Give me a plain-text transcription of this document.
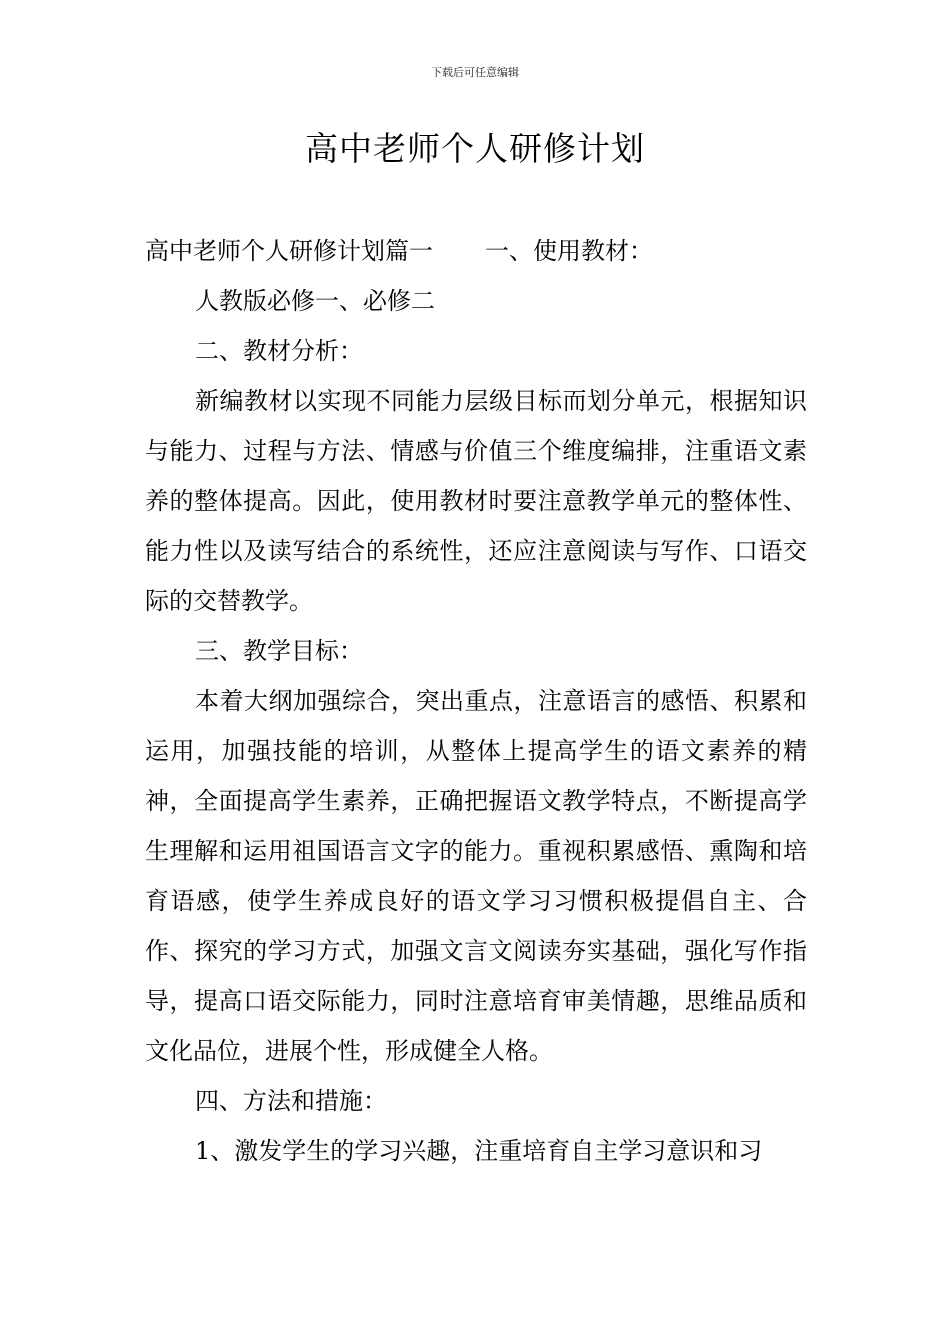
下载后可任意编辑
高中老师个人研修计划

高中老师个人研修计划篇一 一、使用教材：

人教版必修一、必修二

二、教材分析：

新编教材以实现不同能力层级目标而划分单元，根据知识与能力、过程与方法、情感与价值三个维度编排，注重语文素养的整体提高。因此，使用教材时要注意教学单元的整体性、能力性以及读写结合的系统性，还应注意阅读与写作、口语交际的交替教学。

三、教学目标：

本着大纲加强综合，突出重点，注意语言的感悟、积累和运用，加强技能的培训，从整体上提高学生的语文素养的精神，全面提高学生素养，正确把握语文教学特点，不断提高学生理解和运用祖国语言文字的能力。重视积累感悟、熏陶和培育语感，使学生养成良好的语文学习习惯积极提倡自主、合作、探究的学习方式，加强文言文阅读夯实基础，强化写作指导，提高口语交际能力，同时注意培育审美情趣，思维品质和文化品位，进展个性，形成健全人格。

四、方法和措施：

1、激发学生的学习兴趣，注重培育自主学习意识和习
